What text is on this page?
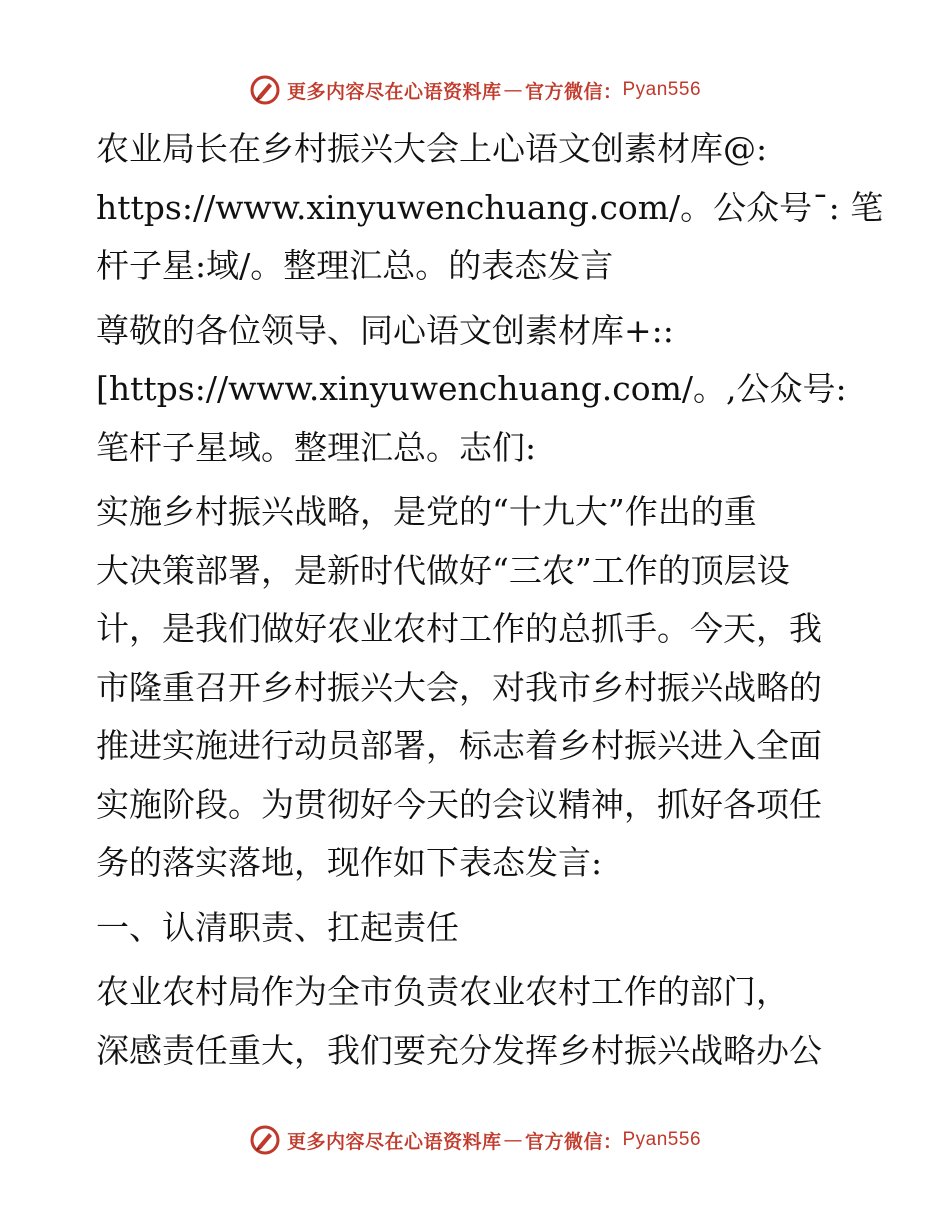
更多内容尽在心语资料库 — 官方微信： Pyan556
农业局长在乡村振兴大会上心语文创素材库@:
https://www.xinyuwenchuang.com/。公众号¯: 笔
杆子星:域/。整理汇总。的表态发言
尊敬的各位领导、同心语文创素材库+::
[https://www.xinyuwenchuang.com/。,公众号:
笔杆子星域。整理汇总。志们:
实施乡村振兴战略，是党的“十九大”作出的重
大决策部署，是新时代做好“三农”工作的顶层设
计，是我们做好农业农村工作的总抓手。今天，我
市隆重召开乡村振兴大会，对我市乡村振兴战略的
推进实施进行动员部署，标志着乡村振兴进入全面
实施阶段。为贯彻好今天的会议精神，抓好各项任
务的落实落地，现作如下表态发言:
一、认清职责、扛起责任
农业农村局作为全市负责农业农村工作的部门，
深感责任重大，我们要充分发挥乡村振兴战略办公
更多内容尽在心语资料库 — 官方微信： Pyan556
